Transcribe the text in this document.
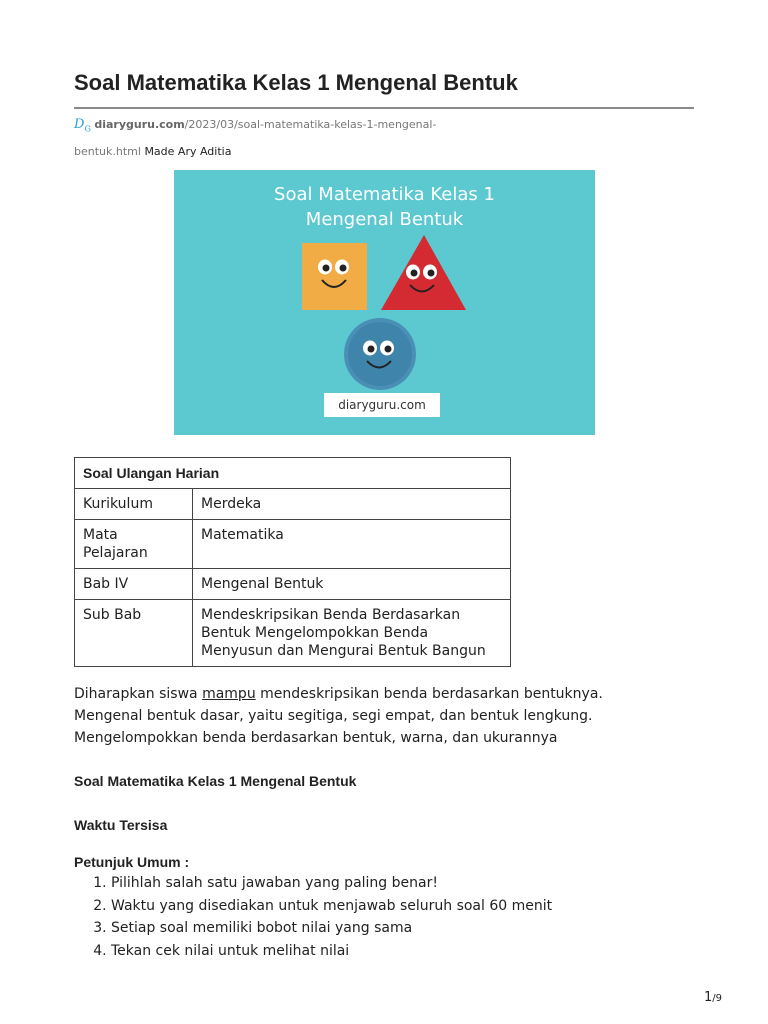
Soal Matematika Kelas 1 Mengenal Bentuk
$D_G$ diaryguru.com/2023/03/soal-matematika-kelas-1-mengenal-
bentuk.html Made Ary Aditia
Soal Matematika Kelas 1
Mengenal Bentuk
diaryguru.com
Soal Ulangan Harian	
Kurikulum	Merdeka
Mata Pelajaran	Matematika
Bab IV	Mengenal Bentuk
Sub Bab	Mendeskripsikan Benda Berdasarkan
Bentuk Mengelompokkan Benda
Menyusun dan Mengurai Bentuk Bangun
Diharapkan siswa mampu mendeskripsikan benda berdasarkan bentuknya.
Mengenal bentuk dasar, yaitu segitiga, segi empat, dan bentuk lengkung.
Mengelompokkan benda berdasarkan bentuk, warna, dan ukurannya
Soal Matematika Kelas 1 Mengenal Bentuk
Waktu Tersisa
Petunjuk Umum :
1. Pilihlah salah satu jawaban yang paling benar!
2. Waktu yang disediakan untuk menjawab seluruh soal 60 menit
3. Setiap soal memiliki bobot nilai yang sama
4. Tekan cek nilai untuk melihat nilai
1/9
